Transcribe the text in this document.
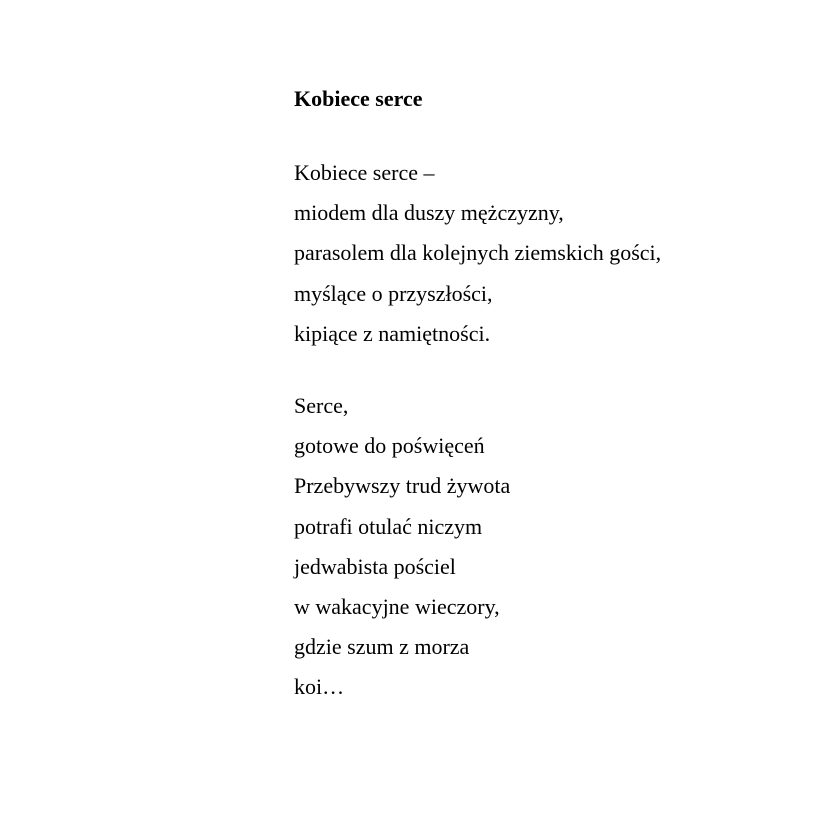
Kobiece serce
Kobiece serce –
miodem dla duszy mężczyzny,
parasolem dla kolejnych ziemskich gości,
myślące o przyszłości,
kipiące z namiętności.
Serce,
gotowe do poświęceń
Przebywszy trud żywota
potrafi otulać niczym
jedwabista pościel
w wakacyjne wieczory,
gdzie szum z morza
koi…
